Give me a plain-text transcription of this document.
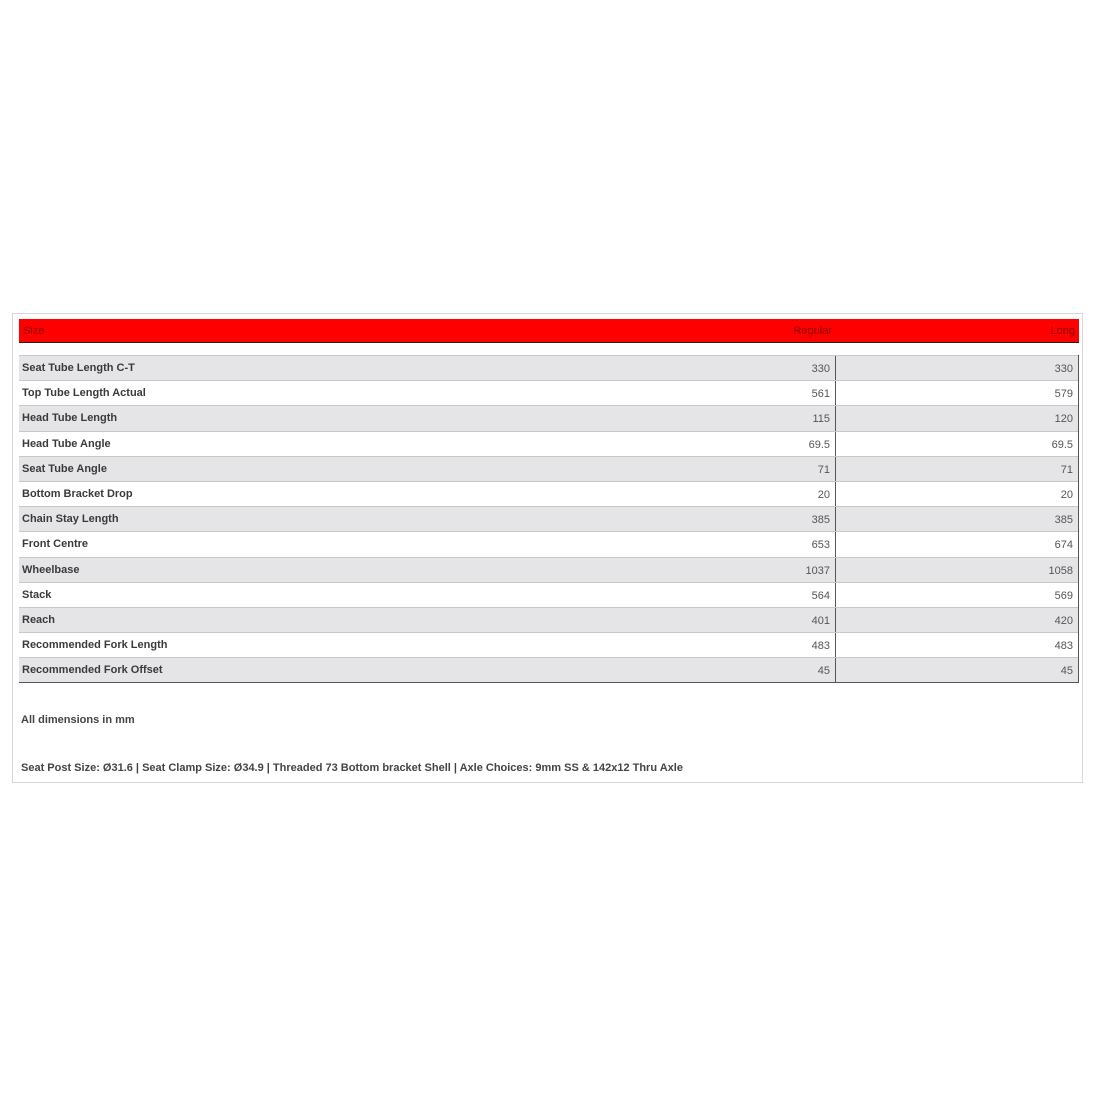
Size	Regular	Long
Seat Tube Length C-T	330	330
Top Tube Length Actual	561	579
Head Tube Length	115	120
Head Tube Angle	69.5	69.5
Seat Tube Angle	71	71
Bottom Bracket Drop	20	20
Chain Stay Length	385	385
Front Centre	653	674
Wheelbase	1037	1058
Stack	564	569
Reach	401	420
Recommended Fork Length	483	483
Recommended Fork Offset	45	45
All dimensions in mm
Seat Post Size: Ø31.6 | Seat Clamp Size: Ø34.9 | Threaded 73 Bottom bracket Shell | Axle Choices: 9mm SS & 142x12 Thru Axle
